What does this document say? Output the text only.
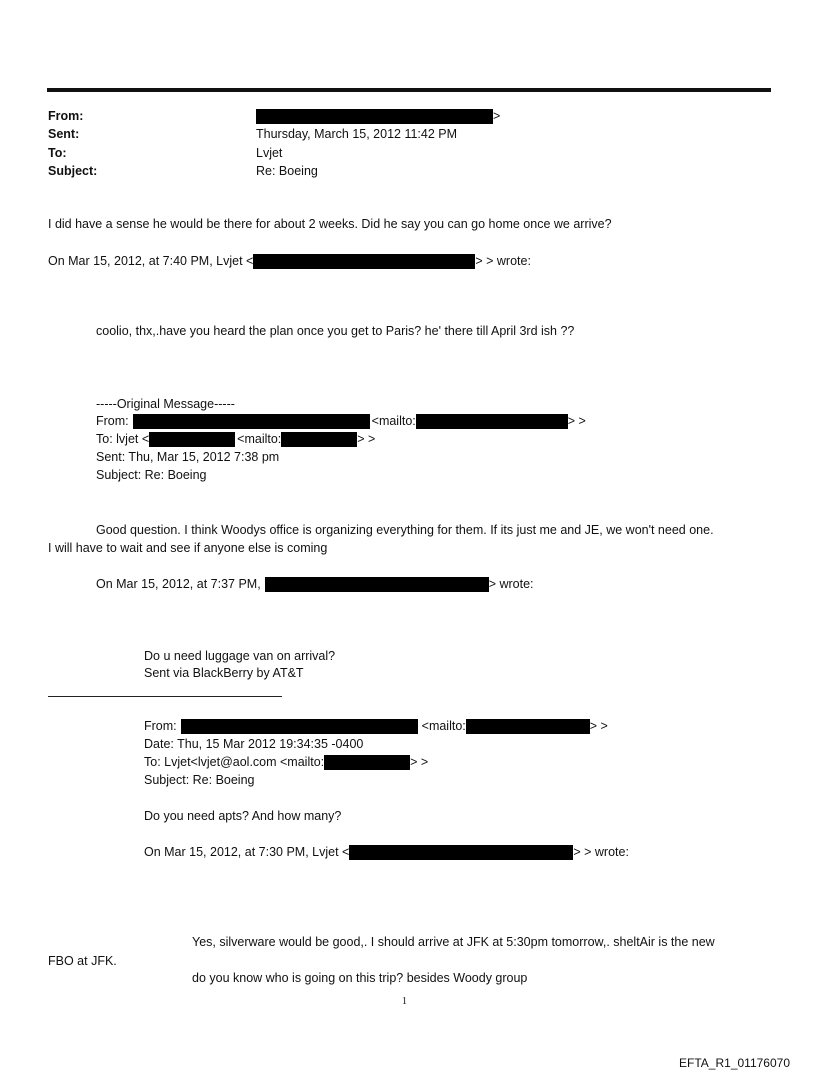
From:	>
Sent:	Thursday, March 15, 2012 11:42 PM
To:	Lvjet
Subject:	Re: Boeing
I did have a sense he would be there for about 2 weeks. Did he say you can go home once we arrive?
On Mar 15, 2012, at 7:40 PM, Lvjet <	> > wrote:
coolio, thx,.have you heard the plan once you get to Paris? he' there till April 3rd ish ??
-----Original Message-----
From:	<mailto:	> >
To: lvjet <	<mailto:	> >
Sent: Thu, Mar 15, 2012 7:38 pm
Subject: Re: Boeing
Good question. I think Woodys office is organizing everything for them. If its just me and JE, we won't need one.
I will have to wait and see if anyone else is coming
On Mar 15, 2012, at 7:37 PM,	> wrote:
Do u need luggage van on arrival?
Sent via BlackBerry by AT&T
From:	<mailto:	> >
Date: Thu, 15 Mar 2012 19:34:35 -0400
To: Lvjet<lvjet@aol.com <mailto:	> >
Subject: Re: Boeing
Do you need apts? And how many?
On Mar 15, 2012, at 7:30 PM, Lvjet <	> > wrote:
Yes, silverware would be good,. I should arrive at JFK at 5:30pm tomorrow,. sheltAir is the new
FBO at JFK.
do you know who is going on this trip? besides Woody group
1
EFTA_R1_01176070
